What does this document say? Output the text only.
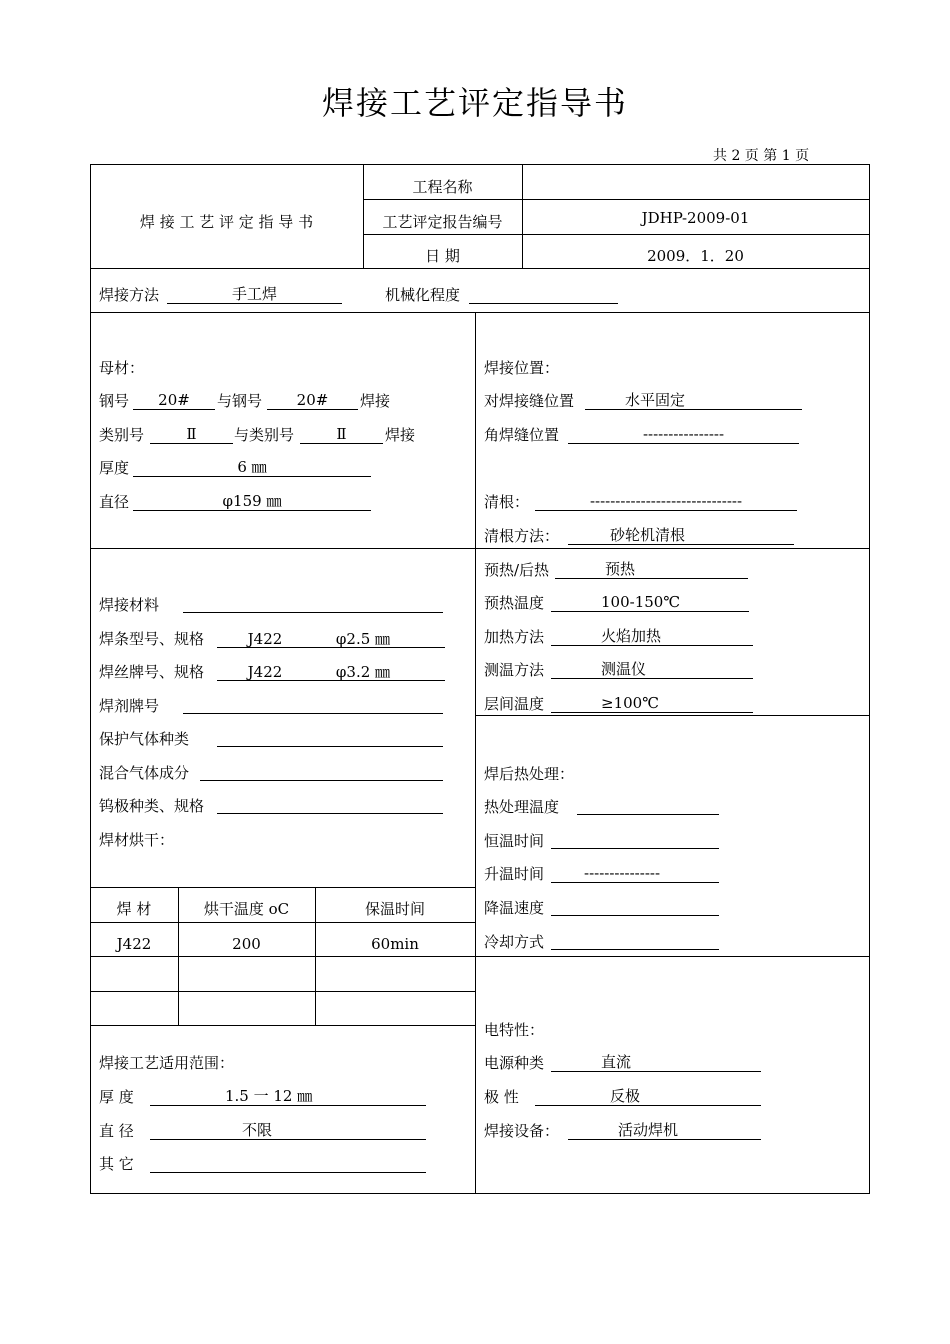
焊接工艺评定指导书
共 2 页 第 1 页
焊 接 工 艺 评 定 指 导 书
工程名称
工艺评定报告编号	JDHP-2009-01
日 期	2009．1．20
焊接方法	手工焊	机械化程度
母材：
钢号	20#	与钢号	20#	焊接
类别号	Ⅱ	与类别号	Ⅱ	焊接
厚度	6 ㎜
直径	φ159 ㎜
焊接位置：
对焊接缝位置	水平固定
角焊缝位置	----------------
清根：	------------------------------
清根方法：	砂轮机清根
焊接材料
焊条型号、规格	J422	φ2.5 ㎜
焊丝牌号、规格	J422	φ3.2 ㎜
焊剂牌号
保护气体种类
混合气体成分
钨极种类、规格
焊材烘干：
预热/后热	预热
预热温度	100-150℃
加热方法	火焰加热
测温方法	测温仪
层间温度	≥100℃
焊后热处理：
热处理温度
恒温时间
升温时间	---------------
降温速度
冷却方式
焊 材	烘干温度 oC	保温时间
J422	200	60min
焊接工艺适用范围：
厚 度	1.5 一 12 ㎜
直 径	不限
其 它
电特性：
电源种类	直流
极 性	反极
焊接设备：	活动焊机
